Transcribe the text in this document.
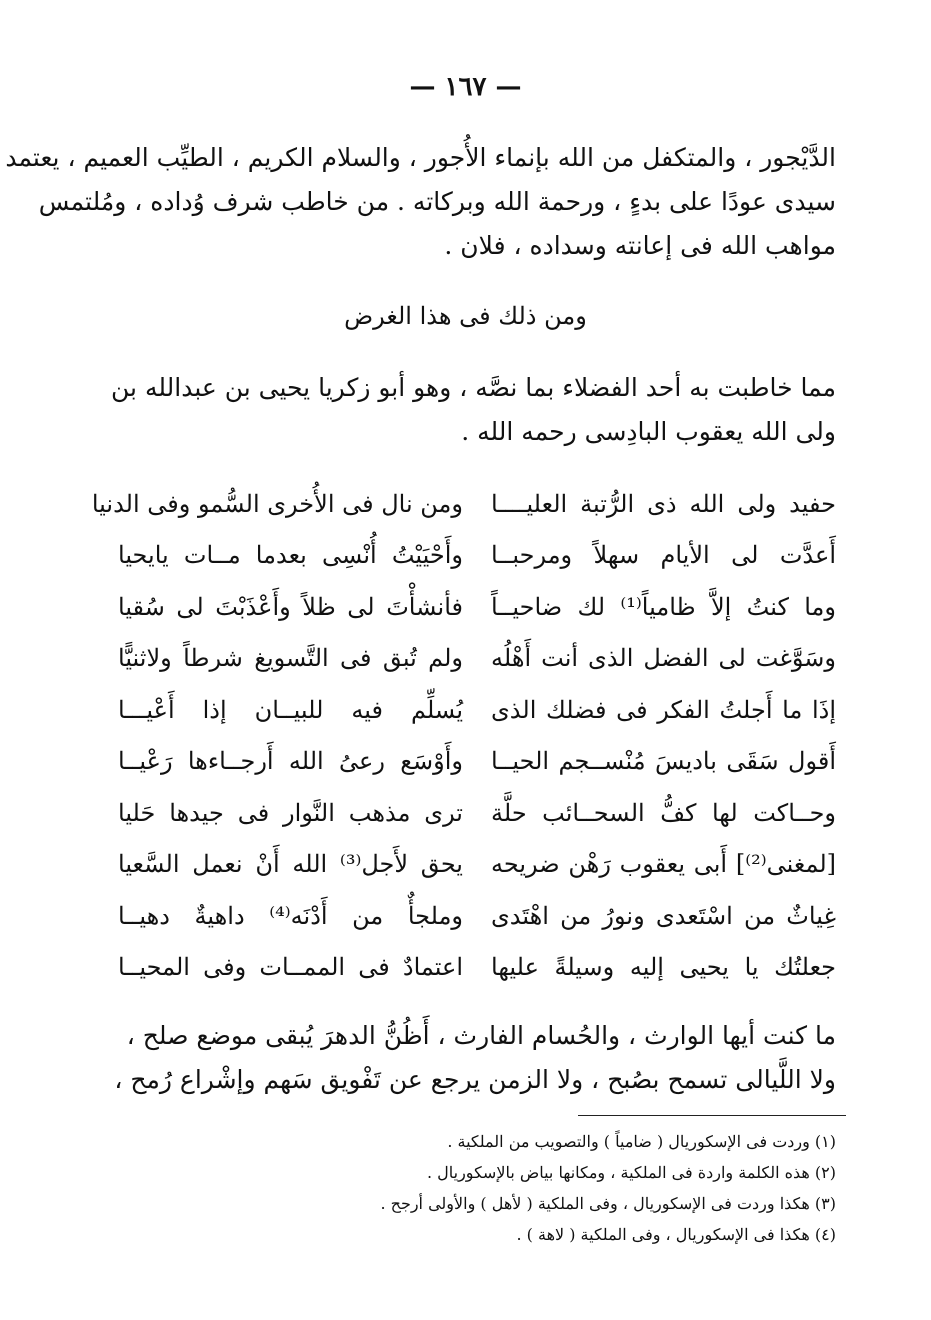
— ١٦٧ —
الدَّيْجور ، والمتكفل من الله بإنماء الأُجور ، والسلام الكريم ، الطيِّب العميم ، يعتمد
سيدى عودًا على بدءٍ ، ورحمة الله وبركاته . من خاطب شرف وُداده ، ومُلتمس
مواهب الله فى إعانته وسداده ، فلان .
ومن ذلك فى هذا الغرض
مما خاطبت به أحد الفضلاء بما نصَّه ، وهو أبو زكريا يحيى بن عبدالله بن
ولى الله يعقوب البادِسى رحمه الله .
حفيد ولى الله ذى الرُّتبة العليــــا
ومن نال فى الأُخرى السُّمو وفى الدنيا
أَعدَّت لى الأيام سهلاً ومرحبــا
وأَحْيَيْتُ أُنْسِى بعدما مــات يايحيا
وما كنتُ إلاَّ ظامياً⁽¹⁾ لك ضاحيــاً
فأنشأْتَ لى ظلاً وأَعْذَبْتَ لى سُقيا
وسَوَّغت لى الفضل الذى أنت أَهْلُه
ولم تُبق فى التَّسويغ شرطاً ولاثنيًّا
إذَا ما أَجلتُ الفكر فى فضلك الذى
يُسلِّم فيه للبيــان إذا أَعْيـــا
أَقول سَقَى باديسَ مُنْســجم الحيــا
وأَوْسَع رعىُ الله أَرجــاءها رَعْيــا
وحــاكت لها كفُّ السحــائب حلَّة
ترى مذهب النَّوار فى جيدها حَليا
[لمغنى⁽²⁾] أَبى يعقوب رَهْن ضريحه
يحق لأَجل⁽³⁾ الله أَنْ نعمل السَّعيا
غِياثٌ من اسْتَعدى ونورُ من اهْتَدى
وملجأٌ من أَدْنَه⁽⁴⁾ داهيةٌ دهيــا
جعلتُك يا يحيى إليه وسيلةً عليها
اعتمادٌ فى الممــات وفى المحيــا
ما كنت أيها الوارث ، والحُسام الفارث ، أَظُنُّ الدهرَ يُبقى موضع صلح ،
ولا اللَّيالى تسمح بصُبح ، ولا الزمن يرجع عن تَفْويق سَهم وإشْراع رُمح ،
(١) وردت فى الإسكوريال ( ضامياً ) والتصويب من الملكية .
(٢) هذه الكلمة واردة فى الملكية ، ومكانها بياض بالإسكوريال .
(٣) هكذا وردت فى الإسكوريال ، وفى الملكية ( لأهل ) والأولى أرجح .
(٤) هكذا فى الإسكوريال ، وفى الملكية ( لاهة ) .
